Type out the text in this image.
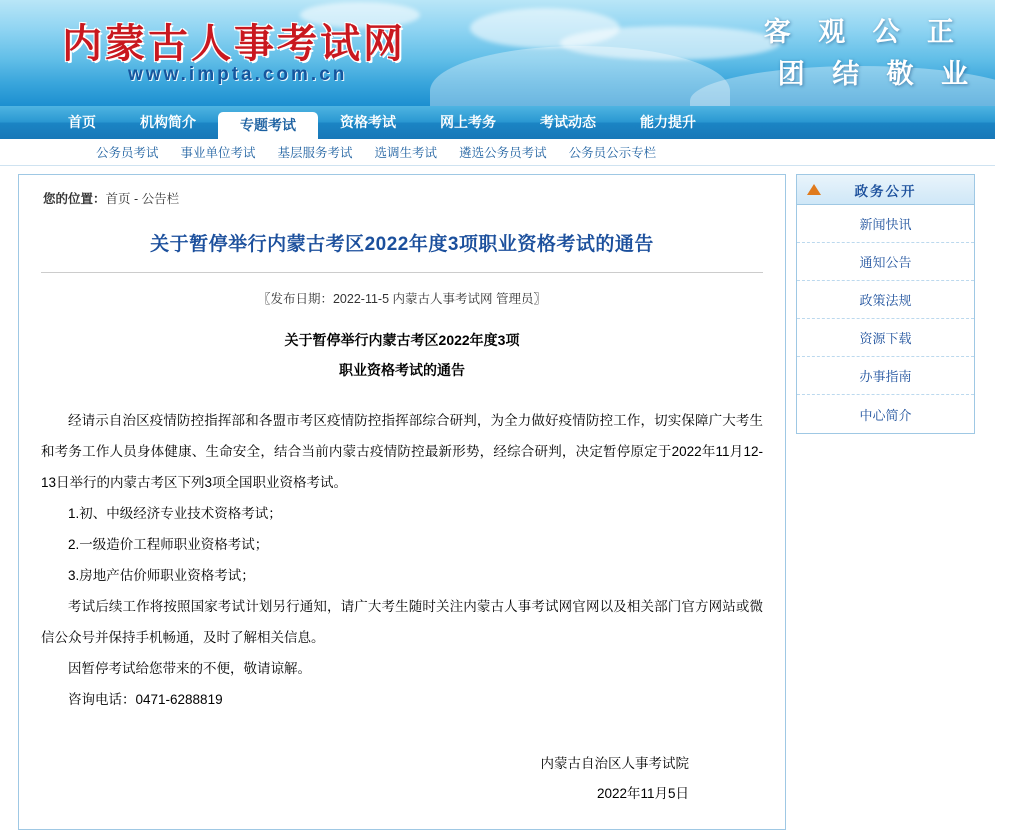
内蒙古人事考试网
www.impta.com.cn
客 观 公 正
团 结 敬 业
首页	机构简介	专题考试	资格考试	网上考务	考试动态	能力提升
公务员考试 事业单位考试 基层服务考试 选调生考试 遴选公务员考试 公务员公示专栏
您的位置：首页 - 公告栏
关于暂停举行内蒙古考区2022年度3项职业资格考试的通告
〖发布日期：2022-11-5 内蒙古人事考试网 管理员〗
关于暂停举行内蒙古考区2022年度3项
职业资格考试的通告

经请示自治区疫情防控指挥部和各盟市考区疫情防控指挥部综合研判，为全力做好疫情防控工作，切实保障广大考生和考务工作人员身体健康、生命安全，结合当前内蒙古疫情防控最新形势，经综合研判，决定暂停原定于2022年11月12-13日举行的内蒙古考区下列3项全国职业资格考试。

1.初、中级经济专业技术资格考试；

2.一级造价工程师职业资格考试；

3.房地产估价师职业资格考试；

考试后续工作将按照国家考试计划另行通知，请广大考生随时关注内蒙古人事考试网官网以及相关部门官方网站或微信公众号并保持手机畅通，及时了解相关信息。

因暂停考试给您带来的不便，敬请谅解。

咨询电话：0471-6288819

内蒙古自治区人事考试院
2022年11月5日
政务公开
新闻快讯
通知公告
政策法规
资源下载
办事指南
中心简介
